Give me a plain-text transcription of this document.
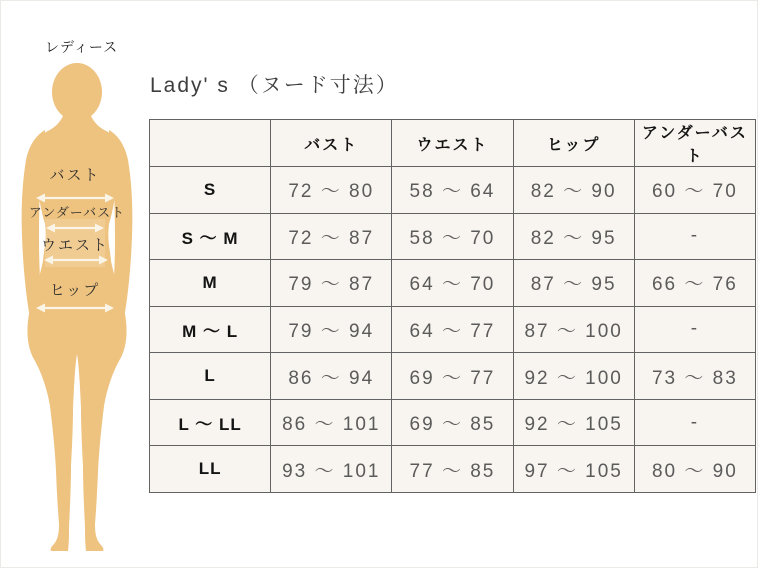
レディース
バスト
アンダーバスト
ウエスト
ヒップ
Lady' s （ヌード寸法）
	バスト	ウエスト	ヒップ	アンダーバスト
S	72 ～ 80	58 ～ 64	82 ～ 90	60 ～ 70
S ～ M	72 ～ 87	58 ～ 70	82 ～ 95	-
M	79 ～ 87	64 ～ 70	87 ～ 95	66 ～ 76
M ～ L	79 ～ 94	64 ～ 77	87 ～ 100	-
L	86 ～ 94	69 ～ 77	92 ～ 100	73 ～ 83
L ～ LL	86 ～ 101	69 ～ 85	92 ～ 105	-
LL	93 ～ 101	77 ～ 85	97 ～ 105	80 ～ 90
